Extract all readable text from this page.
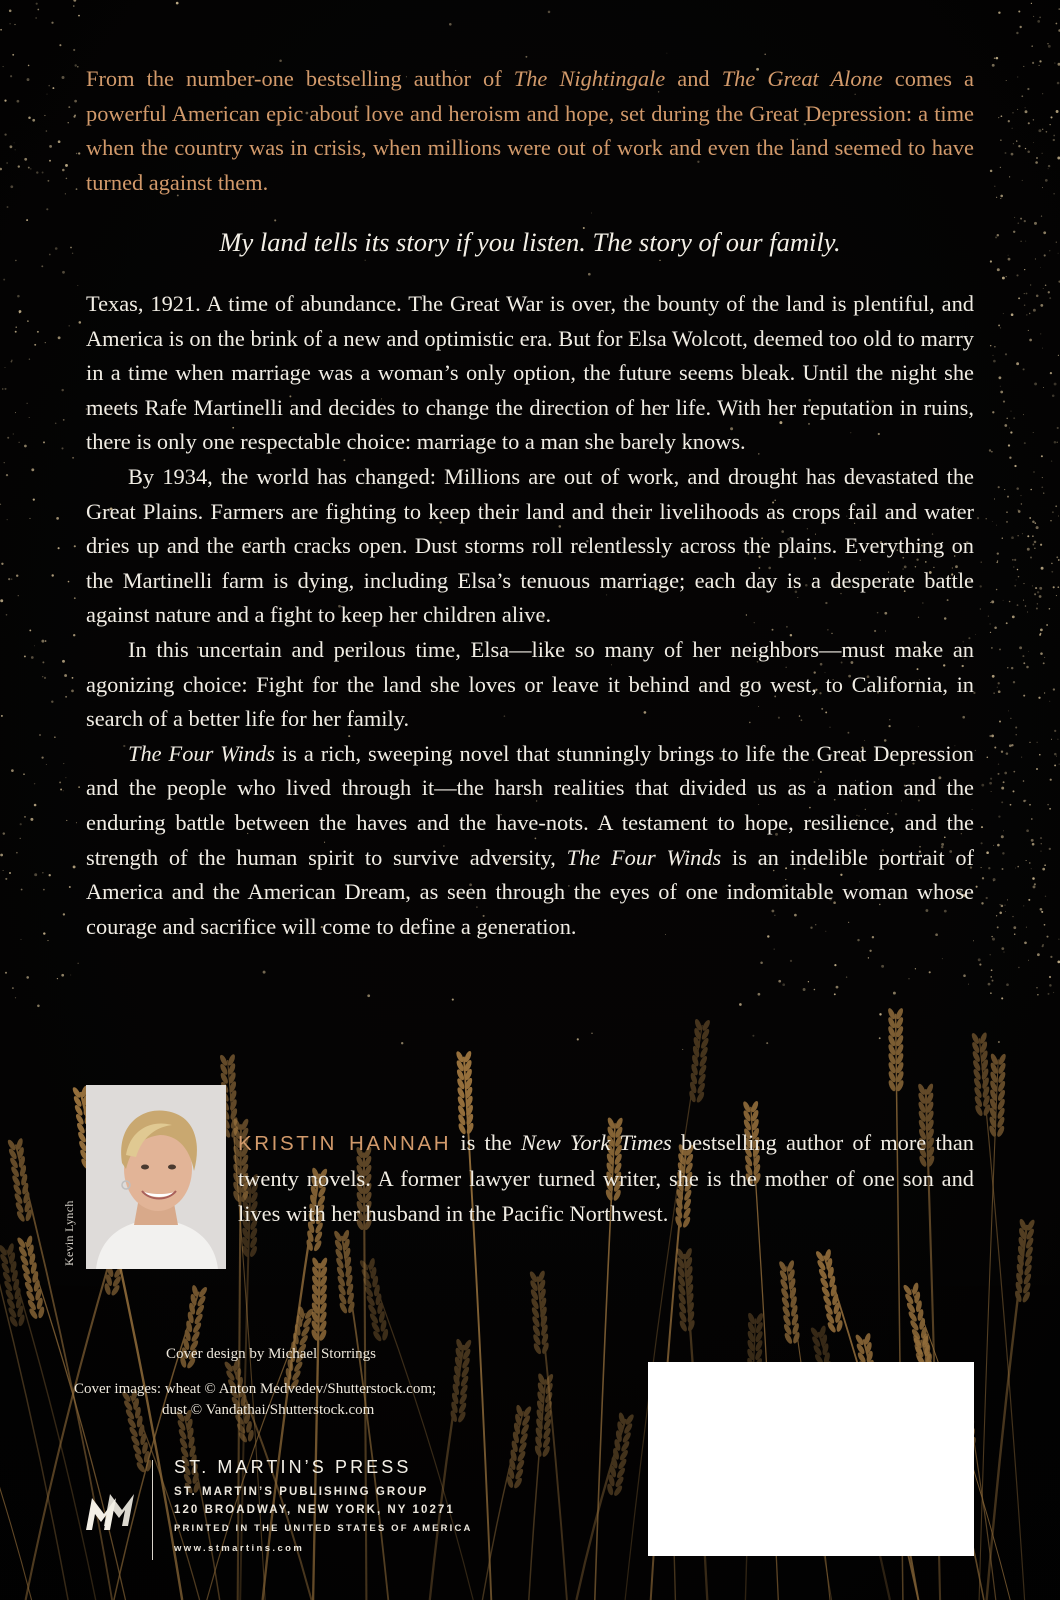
From the number-one bestselling author of The Nightingale and The Great Alone comes a powerful American epic about love and heroism and hope, set during the Great Depression: a time when the country was in crisis, when millions were out of work and even the land seemed to have turned against them.

My land tells its story if you listen. The story of our family.

Texas, 1921. A time of abundance. The Great War is over, the bounty of the land is plentiful, and America is on the brink of a new and optimistic era. But for Elsa Wolcott, deemed too old to marry in a time when marriage was a woman’s only option, the future seems bleak. Until the night she meets Rafe Martinelli and decides to change the direction of her life. With her reputation in ruins, there is only one respectable choice: marriage to a man she barely knows.

By 1934, the world has changed: Millions are out of work, and drought has devastated the Great Plains. Farmers are fighting to keep their land and their livelihoods as crops fail and water dries up and the earth cracks open. Dust storms roll relentlessly across the plains. Everything on the Martinelli farm is dying, including Elsa’s tenuous marriage; each day is a desperate battle against nature and a fight to keep her children alive.

In this uncertain and perilous time, Elsa—like so many of her neighbors—must make an agonizing choice: Fight for the land she loves or leave it behind and go west, to California, in search of a better life for her family.

The Four Winds is a rich, sweeping novel that stunningly brings to life the Great Depression and the people who lived through it—the harsh realities that divided us as a nation and the enduring battle between the haves and the have-nots. A testament to hope, resilience, and the strength of the human spirit to survive adversity, The Four Winds is an indelible portrait of America and the American Dream, as seen through the eyes of one indomitable woman whose courage and sacrifice will come to define a generation.

Kevin Lynch

KRISTIN HANNAH is the New York Times bestselling author of more than twenty novels. A former lawyer turned writer, she is the mother of one son and lives with her husband in the Pacific Northwest.

Cover design by Michael Storrings
Cover images: wheat © Anton Medvedev/Shutterstock.com;
dust © Vandathai/Shutterstock.com
ST. MARTIN’S PRESS
ST. MARTIN’S PUBLISHING GROUP
120 BROADWAY, NEW YORK, NY 10271
PRINTED IN THE UNITED STATES OF AMERICA
www.stmartins.com
